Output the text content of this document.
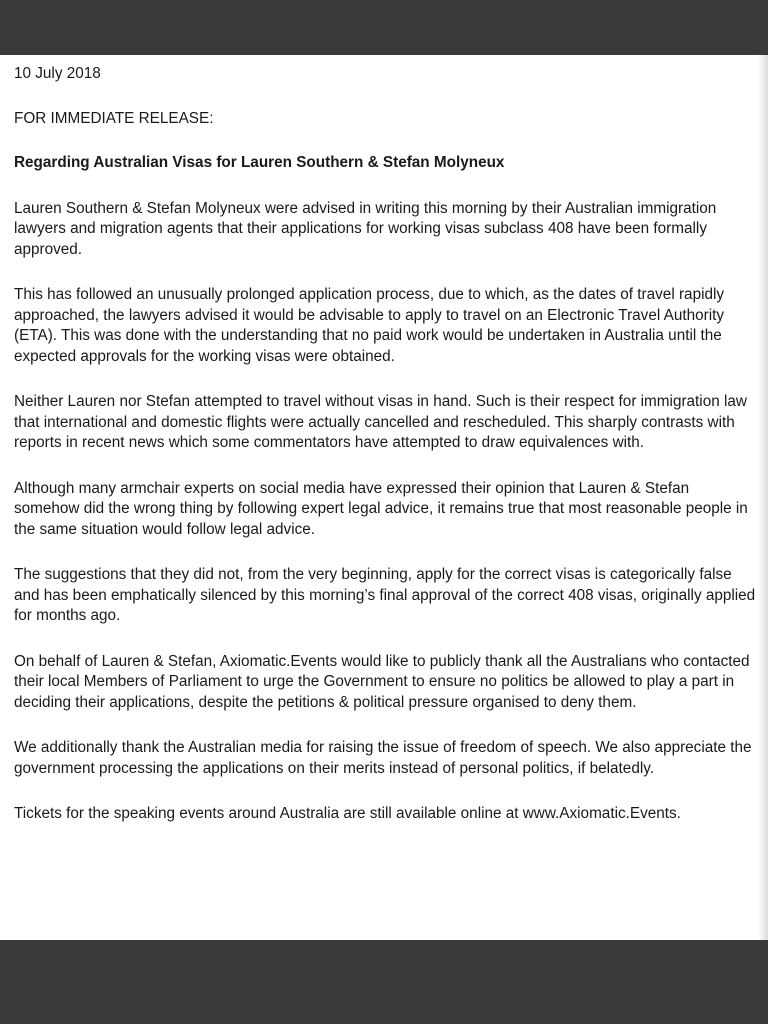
10 July 2018

FOR IMMEDIATE RELEASE:

Regarding Australian Visas for Lauren Southern & Stefan Molyneux

Lauren Southern & Stefan Molyneux were advised in writing this morning by their Australian immigration lawyers and migration agents that their applications for working visas subclass 408 have been formally approved.

This has followed an unusually prolonged application process, due to which, as the dates of travel rapidly approached, the lawyers advised it would be advisable to apply to travel on an Electronic Travel Authority (ETA). This was done with the understanding that no paid work would be undertaken in Australia until the expected approvals for the working visas were obtained.

Neither Lauren nor Stefan attempted to travel without visas in hand. Such is their respect for immigration law that international and domestic flights were actually cancelled and rescheduled. This sharply contrasts with reports in recent news which some commentators have attempted to draw equivalences with.

Although many armchair experts on social media have expressed their opinion that Lauren & Stefan somehow did the wrong thing by following expert legal advice, it remains true that most reasonable people in the same situation would follow legal advice.

The suggestions that they did not, from the very beginning, apply for the correct visas is categorically false and has been emphatically silenced by this morning’s final approval of the correct 408 visas, originally applied for months ago.

On behalf of Lauren & Stefan, Axiomatic.Events would like to publicly thank all the Australians who contacted their local Members of Parliament to urge the Government to ensure no politics be allowed to play a part in deciding their applications, despite the petitions & political pressure organised to deny them.

We additionally thank the Australian media for raising the issue of freedom of speech. We also appreciate the government processing the applications on their merits instead of personal politics, if belatedly.

Tickets for the speaking events around Australia are still available online at www.Axiomatic.Events.
